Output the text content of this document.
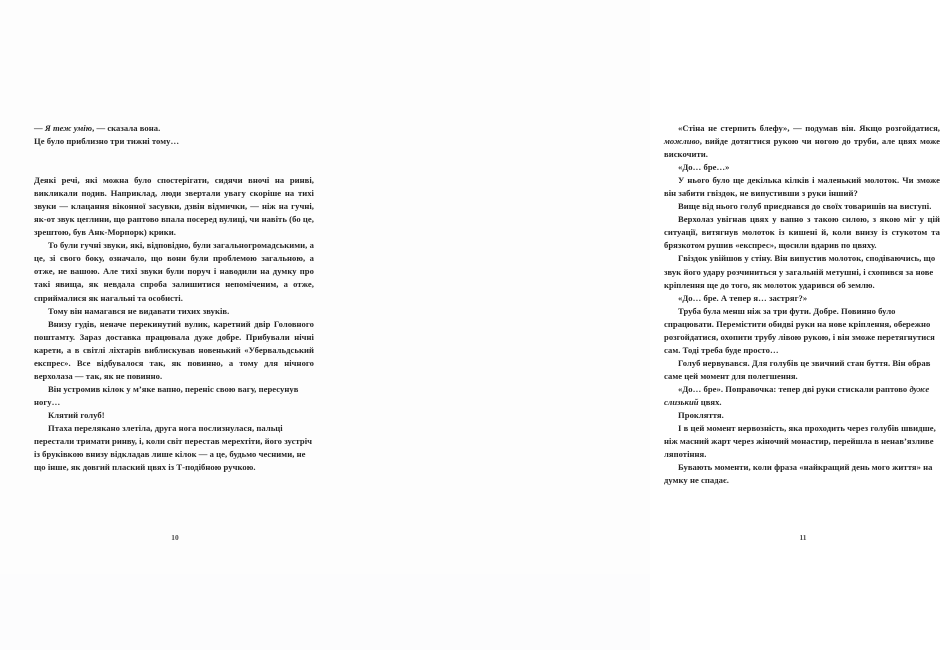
— Я теж умію, — сказала вона.

Це було приблизно три тижні тому…

Деякі речі, які можна було спостерігати, сидячи вночі на ринві, викликали подив. Наприклад, люди звертали увагу скоріше на тихі звуки — клацання віконної засувки, дзвін відмички, — ніж на гучні, як-от звук цеглини, що раптово впала посеред вулиці, чи навіть (бо це, зрештою, був Анк-Морпорк) крики.

То були гучні звуки, які, відповідно, були загальногромадськими, а це, зі свого боку, означало, що вони були проблемою загальною, а отже, не вашою. Але тихі звуки були поруч і наводили на думку про такі явища, як невдала спроба залишитися непоміченим, а отже, сприймалися як нагальні та особисті.

Тому він намагався не видавати тихих звуків.

Внизу гудів, неначе перекинутий вулик, каретний двір Головного поштамту. Зараз доставка працювала дуже добре. Прибували нічні карети, а в світлі ліхтарів виблискував новенький «Убервальдський експрес». Все відбувалося так, як повинно, а тому для нічного верхолаза — так, як не повинно.

Він устромив кілок у м’яке вапно, переніс свою вагу, пересунув ногу…

Клятий голуб!

Птаха перелякано злетіла, друга нога послизнулася, пальці перестали тримати ринву, і, коли світ перестав мерехтіти, його зустріч із бруківкою внизу відкладав лише кілок — а це, будьмо чесними, не що інше, як довгий плаский цвях із Т-подібною ручкою.

10

«Стіна не стерпить блефу», — подумав він. Якщо розгойдатися, можливо, вийде дотягтися рукою чи ногою до труби, але цвях може вискочити.

«До… бре…»

У нього було ще декілька кілків і маленький молоток. Чи зможе він забити гвіздок, не випустивши з руки інший?

Вище від нього голуб приєднався до своїх товаришів на виступі.

Верхолаз увігнав цвях у вапно з такою силою, з якою міг у цій ситуації, витягнув молоток із кишені й, коли внизу із стукотом та брязкотом рушив «експрес», щосили вдарив по цвяху.

Гвіздок увійшов у стіну. Він випустив молоток, сподіваючись, що звук його удару розчиниться у загальній метушні, і схопився за нове кріплення ще до того, як молоток ударився об землю.

«До… бре. А тепер я… застряг?»

Труба була менш ніж за три фути. Добре. Повинно було спрацювати. Перемістити обидві руки на нове кріплення, обережно розгойдатися, охопити трубу лівою рукою, і він зможе перетягнутися сам. Тоді треба буде просто…

Голуб нервувався. Для голубів це звичний стан буття. Він обрав саме цей момент для полегшення.

«До… бре». Поправочка: тепер дві руки стискали раптово дуже слизький цвях.

Прокляття.

І в цей момент нервозність, яка проходить через голубів швидше, ніж масний жарт через жіночий монастир, перейшла в ненав’язливе ляпотіння.

Бувають моменти, коли фраза «найкращий день мого життя» на думку не спадає.

11
